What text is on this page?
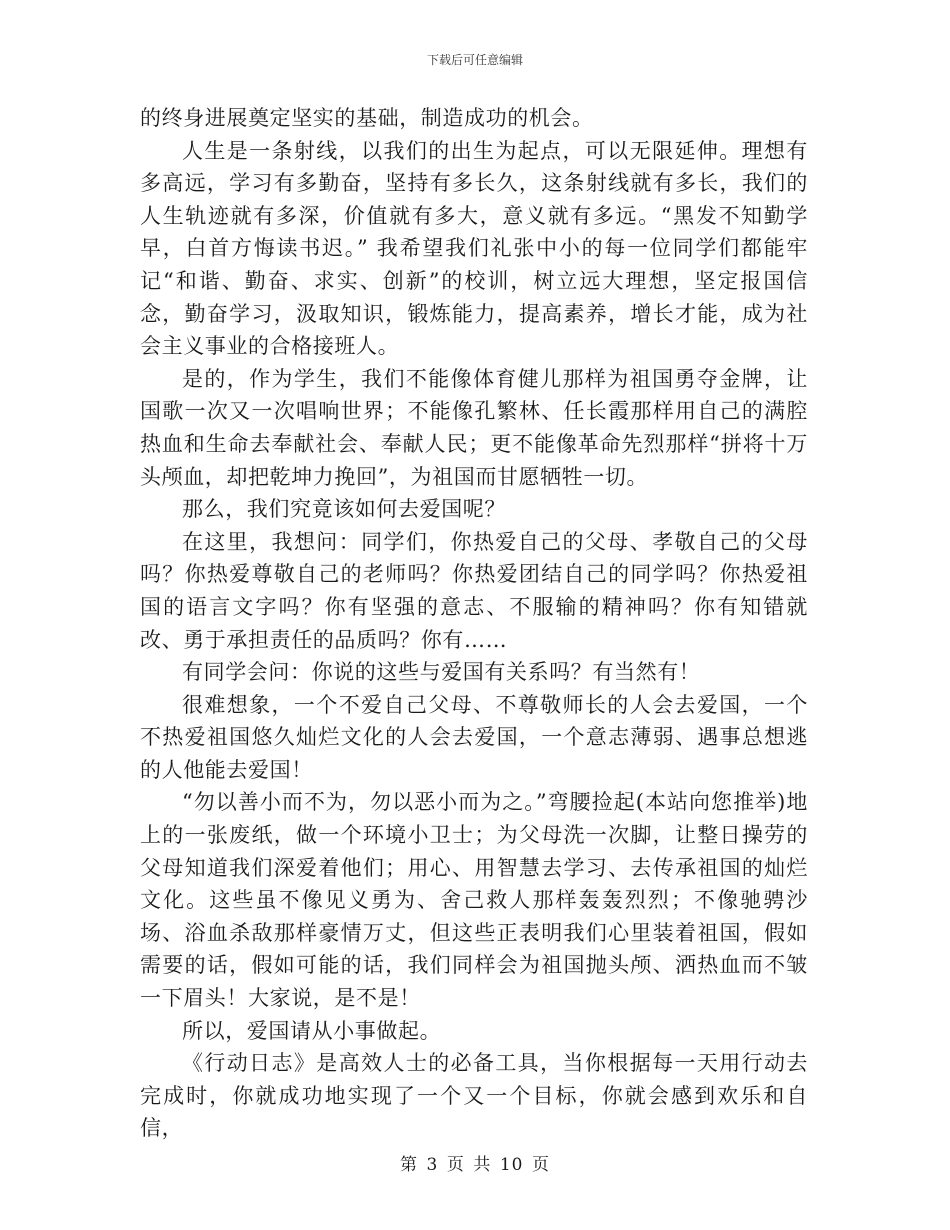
下载后可任意编辑

的终身进展奠定坚实的基础，制造成功的机会。

人生是一条射线，以我们的出生为起点，可以无限延伸。理想有多高远，学习有多勤奋，坚持有多长久，这条射线就有多长，我们的人生轨迹就有多深，价值就有多大，意义就有多远。“黑发不知勤学早，白首方悔读书迟。” 我希望我们礼张中小的每一位同学们都能牢记“和谐、勤奋、求实、创新”的校训，树立远大理想，坚定报国信念，勤奋学习，汲取知识，锻炼能力，提高素养，增长才能，成为社会主义事业的合格接班人。

是的，作为学生，我们不能像体育健儿那样为祖国勇夺金牌，让国歌一次又一次唱响世界；不能像孔繁林、任长霞那样用自己的满腔热血和生命去奉献社会、奉献人民；更不能像革命先烈那样“拼将十万头颅血，却把乾坤力挽回”，为祖国而甘愿牺牲一切。

那么，我们究竟该如何去爱国呢？

在这里，我想问：同学们，你热爱自己的父母、孝敬自己的父母吗？你热爱尊敬自己的老师吗？你热爱团结自己的同学吗？你热爱祖国的语言文字吗？你有坚强的意志、不服输的精神吗？你有知错就改、勇于承担责任的品质吗？你有……

有同学会问：你说的这些与爱国有关系吗？有当然有！

很难想象，一个不爱自己父母、不尊敬师长的人会去爱国，一个不热爱祖国悠久灿烂文化的人会去爱国，一个意志薄弱、遇事总想逃的人他能去爱国！

“勿以善小而不为，勿以恶小而为之。”弯腰捡起(本站向您推举)地上的一张废纸，做一个环境小卫士；为父母洗一次脚，让整日操劳的父母知道我们深爱着他们；用心、用智慧去学习、去传承祖国的灿烂文化。这些虽不像见义勇为、舍己救人那样轰轰烈烈；不像驰骋沙场、浴血杀敌那样豪情万丈，但这些正表明我们心里装着祖国，假如需要的话，假如可能的话，我们同样会为祖国抛头颅、洒热血而不皱一下眉头！大家说，是不是！

所以，爱国请从小事做起。

《行动日志》是高效人士的必备工具，当你根据每一天用行动去完成时，你就成功地实现了一个又一个目标，你就会感到欢乐和自信，

第 3 页 共 10 页
